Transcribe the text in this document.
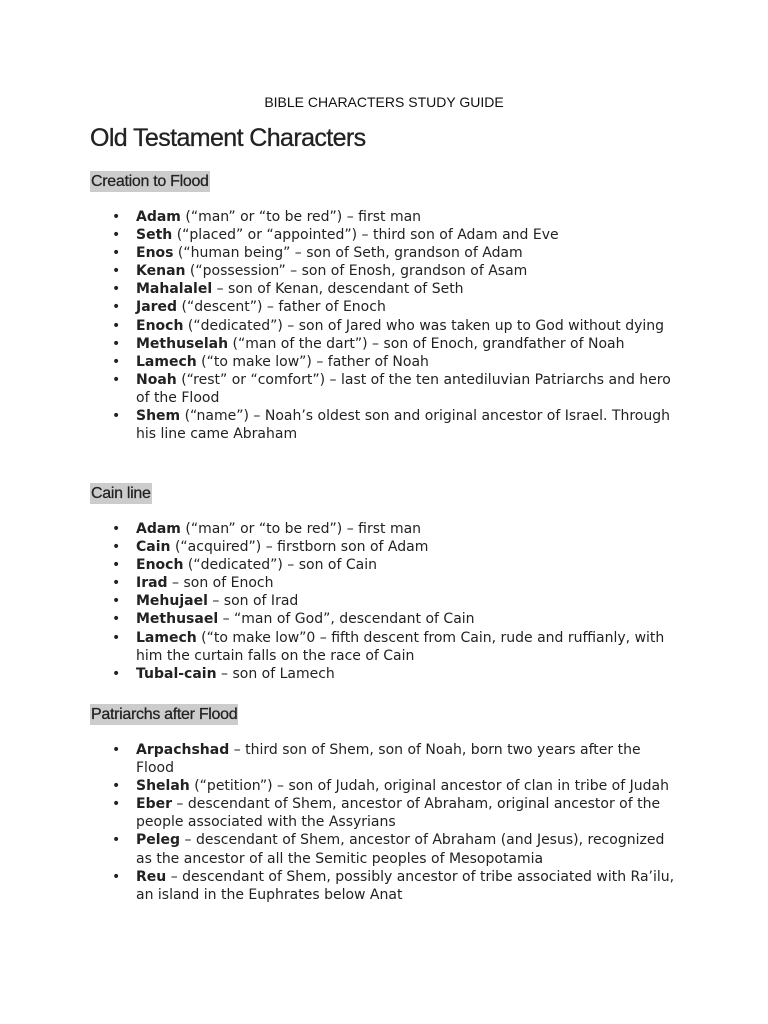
BIBLE CHARACTERS STUDY GUIDE
Old Testament Characters
Creation to Flood
• Adam (“man” or “to be red”) – first man
• Seth (“placed” or “appointed”) – third son of Adam and Eve
• Enos (“human being” – son of Seth, grandson of Adam
• Kenan (“possession” – son of Enosh, grandson of Asam
• Mahalalel – son of Kenan, descendant of Seth
• Jared (“descent”) – father of Enoch
• Enoch (“dedicated”) – son of Jared who was taken up to God without dying
• Methuselah (“man of the dart”) – son of Enoch, grandfather of Noah
• Lamech (“to make low”) – father of Noah
• Noah (“rest” or “comfort”) – last of the ten antediluvian Patriarchs and hero of the Flood
• Shem (“name”) – Noah’s oldest son and original ancestor of Israel. Through his line came Abraham
Cain line
• Adam (“man” or “to be red”) – first man
• Cain (“acquired”) – firstborn son of Adam
• Enoch (“dedicated”) – son of Cain
• Irad – son of Enoch
• Mehujael – son of Irad
• Methusael – “man of God”, descendant of Cain
• Lamech (“to make low”0 – fifth descent from Cain, rude and ruffianly, with him the curtain falls on the race of Cain
• Tubal-cain – son of Lamech
Patriarchs after Flood
• Arpachshad – third son of Shem, son of Noah, born two years after the Flood
• Shelah (“petition”) – son of Judah, original ancestor of clan in tribe of Judah
• Eber – descendant of Shem, ancestor of Abraham, original ancestor of the people associated with the Assyrians
• Peleg – descendant of Shem, ancestor of Abraham (and Jesus), recognized as the ancestor of all the Semitic peoples of Mesopotamia
• Reu – descendant of Shem, possibly ancestor of tribe associated with Ra’ilu, an island in the Euphrates below Anat
